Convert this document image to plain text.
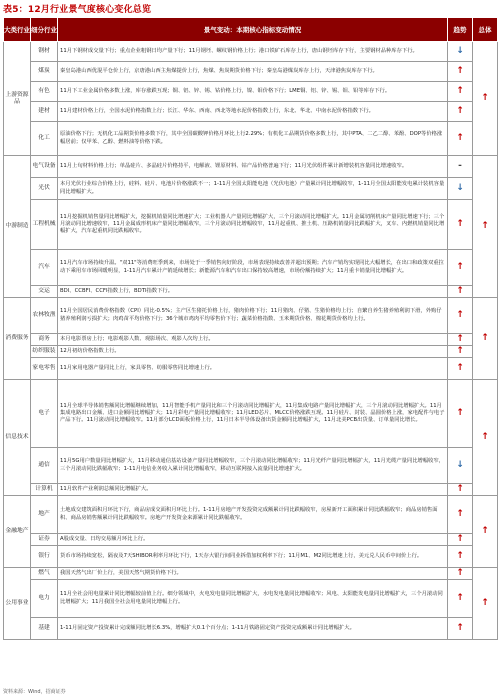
表5：12月行业景气度核心变化总览
大类行业	细分行业	景气变动：本期核心指标变动情况	趋势	总体
上游资源品	钢材	11月下钢材成交量下行；重点企业粗钢日均产量下行；11月钢坯、螺纹钢价格上行；港口铁矿石库存上行，唐山钢坯库存下行，主要钢材品种库存下行。	↓	↑
	煤炭	秦皇岛港山西优混平仓价上行，京唐港山西主焦煤提价上行，焦煤、焦炭期货价格下行；秦皇岛港煤炭库存上行，天津港焦炭库存下行。	↑	
	有色	11月下工业金属价格多数上涨，库存涨跌互现；铜、铝、锌、锡、钴价格上行，镍、钼价格下行；LME铜、铝、锌、锡、钼、铅等库存下行。	↑	
	建材	11月建材价格上行，全国水泥价格指数上行；长江、华东、西南、西北等地水泥价格指数上行，东北、华北、中南水泥价格指数下行。	↑	
	化工	原油价格下行；无机化工品期货价格多数下行，其中全国碳酸钾价格月环比上行2.29%；有机化工品期货价格多数上行，其中PTA、二乙二醇、苯酚、DOP等价格涨幅居前；仅甲苯、乙醇、燃料油等价格下跌。	↑	
中游制造	电气设备	11月上旬材料价格上行；单晶硅片、多晶硅片价格持平，电解液、锂原材料、钴产品价格普遍下行；11月光伏组件累计新增装机容量同比增速收窄。	-	↑
	光伏	本月光伏行业综合价格上行，硅料、硅片、电池片价格涨跌不一；1-11月全国太阳能电池（光伏电池）产量累计同比增幅收窄，1-11月全国太阳能发电累计装机容量同比增幅扩大。	↓	
	工程机械	11月挖掘机销售量同比增幅扩大，挖掘机销量同比增速扩大；工业机器人产量同比增幅扩大，三个月滚动同比增幅扩大。11月金属切削机床产量同比增速下行；三个月滚动同比增速收窄，11月金属成形机床产量同比增幅收窄，三个月滚动同比增幅收窄，11月起重机、推土机、压路机销量同比跌幅扩大，叉车、内燃机销量同比增幅扩大，汽车起重机同比跌幅收窄。	↑	
	汽车	11月汽车市场持续升温。"双11"等消费旺季到来，市场处于一季销售向好阶段，市场表现持续改善并超出预期；汽车产销均实现同比大幅增长，在出口和政策双重拉动下乘用车市场回暖明显，1-11月汽车累计产销延续增长；新能源汽车和汽车出口保持较高增速，市场份额持续扩大；11月重卡销量同比增幅扩大。	↑	
	交运	BDI、CCBFI、CCFI指数上行，BDTI指数下行。	↑	
消费服务	农林牧渔	11月全国居民消费价格指数（CPI）同比-0.5%；主产区生猪托价格上行，猪肉价格下行；11月猪肉、仔猪、生猪价格均上行；自繁自养生猪养殖利润下滑，外购仔猪养殖利润亏损扩大；肉鸡苗平均价格下行；36个城市鸡肉平均零售价下行；蔬菜价格指数、玉米期货价格、棉花期货价格均上行。	↑	↑
	商务	本月电影票房上行；电影观影人数、观影场次、观影人次均上行。	↑	
	纺织服装	12月初纺价格指数上行。	↑	
	家电零售	11月家用电器产量同比上行，家具零售、纺服零售同比增速上行。	↑	
信息技术	电子	11月全球半导体销售额同比增幅继续增加，11月智能手机产量同比和三个月滚动同比增幅扩大，11月集成电路产量同比增幅扩大，三个月滚动同比增幅扩大。11月集成电路出口金额、进口金额同比增幅扩大；11月彩电产量同比增幅收窄；11月LED芯片、MLCC价格涨跌互现。11月硅片、封装、晶圆价格上涨，家电配件与电子产品下行。11月滚动同比增幅收窄。11月部分LCD面板价格上行，11月日本半导体设备出货金额同比增幅扩大，11月北美PCB出货量、订单量同比增长。	↑	↑
	通信	11月5G用户数量同比增幅扩大，11月移动通信基站设备产量同比增幅收窄，三个月滚动同比增幅收窄；11月光纤产量同比增幅扩大，11月光缆产量同比增幅收窄，三个月滚动同比跌幅收窄；1-11月电信业务收入累计同比增幅收窄，移动互联网接入流量同比增速扩大。	↓	
	计算机	11月软件产业利润总额同比增幅扩大。	↑	
金融地产	地产	土地成交建筑面积月环比下行，商品房成交面积月环比上行。1-11月房地产开发投资完成额累计同比跌幅收窄，房屋新开工面积累计同比跌幅收窄；商品房销售面积、商品房销售额累计同比跌幅收窄。房地产开发资金来源累计同比跌幅收窄。	↑	↑
	证券	A股成交量、日均交易额月环比上行。	↑	
	银行	货币市场持续宽松，隔夜及7天SHIBOR利率月环比下行，1天存大银行间同业拆借加权利率下行；11月M1、M2同比增速上行，美元兑人民币中间价上行。	↑	
公用事业	燃气	我国天然气出厂价上行，美国天然气期货价格下行。	↑	↑
	电力	11月全社会用电量累计同比增幅较前值上行。细分领域中，火电发电量同比增幅扩大，水电发电量同比增幅收窄；风电、太阳能发电量同比增幅扩大，三个月滚动同比增幅扩大；11月我国全社会用电量同比增幅上行。	↑	
	基建	1-11月固定资产投资累计完成额同比增长6.3%，增幅扩大0.1个百分点；1-11月铁路固定资产投资完成额累计同比增幅扩大。	↑	
资料来源：Wind，招商证券
